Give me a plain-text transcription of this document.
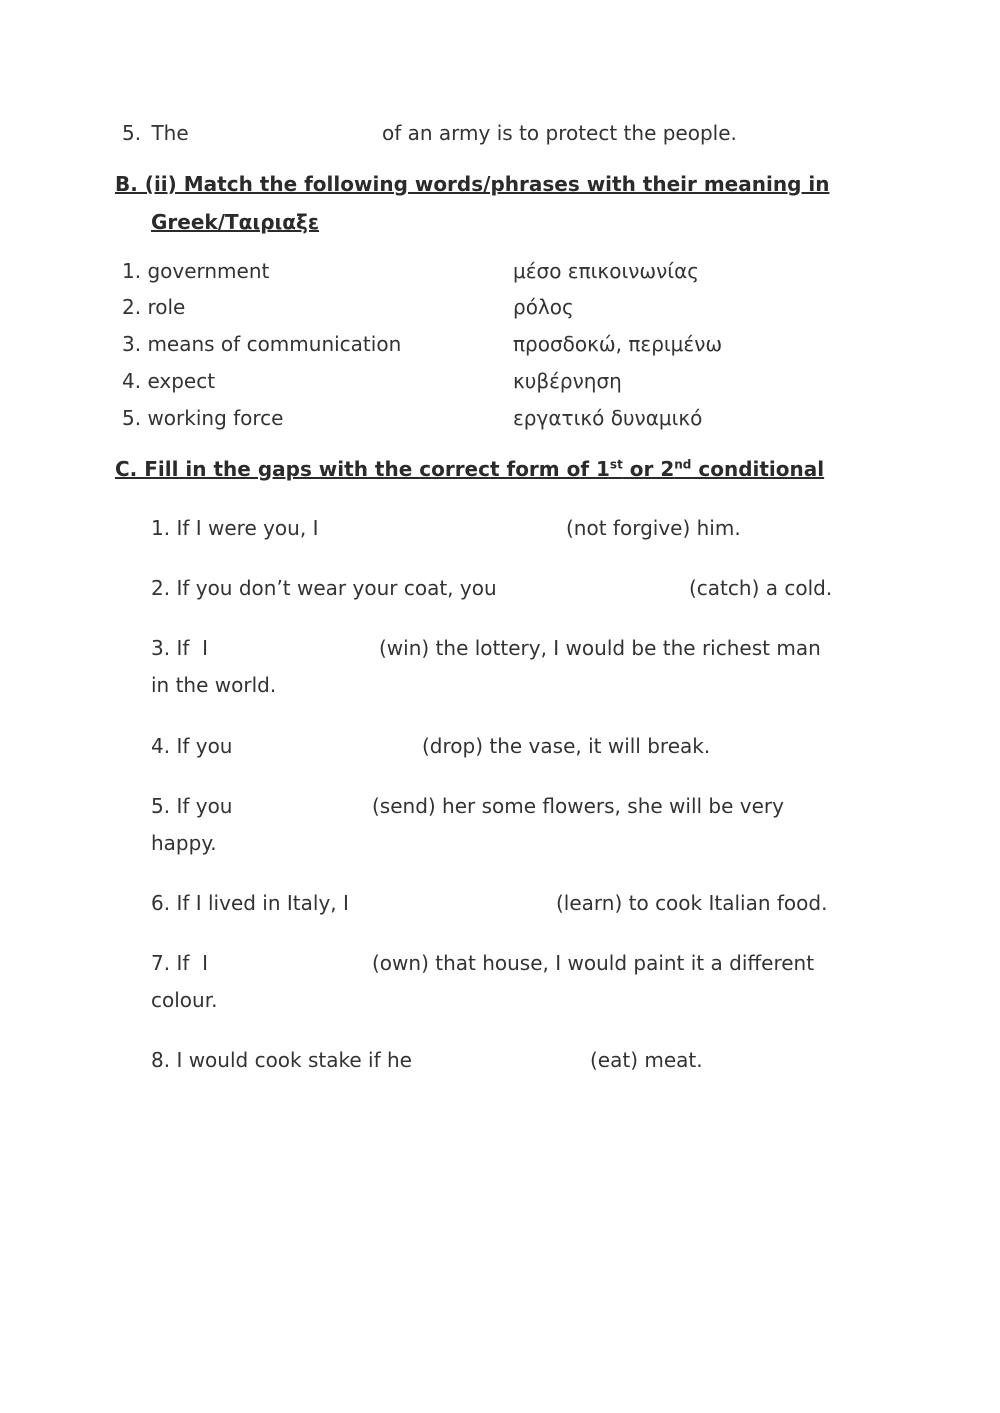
5. The	of an army is to protect the people.
B. (ii) Match the following words/phrases with their meaning in
Greek/Ταιριαξε
1. government	μέσο επικοινωνίας
2. role	ρόλος
3. means of communication	προσδοκώ, περιμένω
4. expect	κυβέρνηση
5. working force	εργατικό δυναμικό
C. Fill in the gaps with the correct form of 1st or 2nd conditional
1. If I were you, I	(not forgive) him.
2. If you don’t wear your coat, you	(catch) a cold.
3. If  I	(win) the lottery, I would be the richest man
in the world.
4. If you	(drop) the vase, it will break.
5. If you	(send) her some flowers, she will be very
happy.
6. If I lived in Italy, I	(learn) to cook Italian food.
7. If  I	(own) that house, I would paint it a different
colour.
8. I would cook stake if he	(eat) meat.
